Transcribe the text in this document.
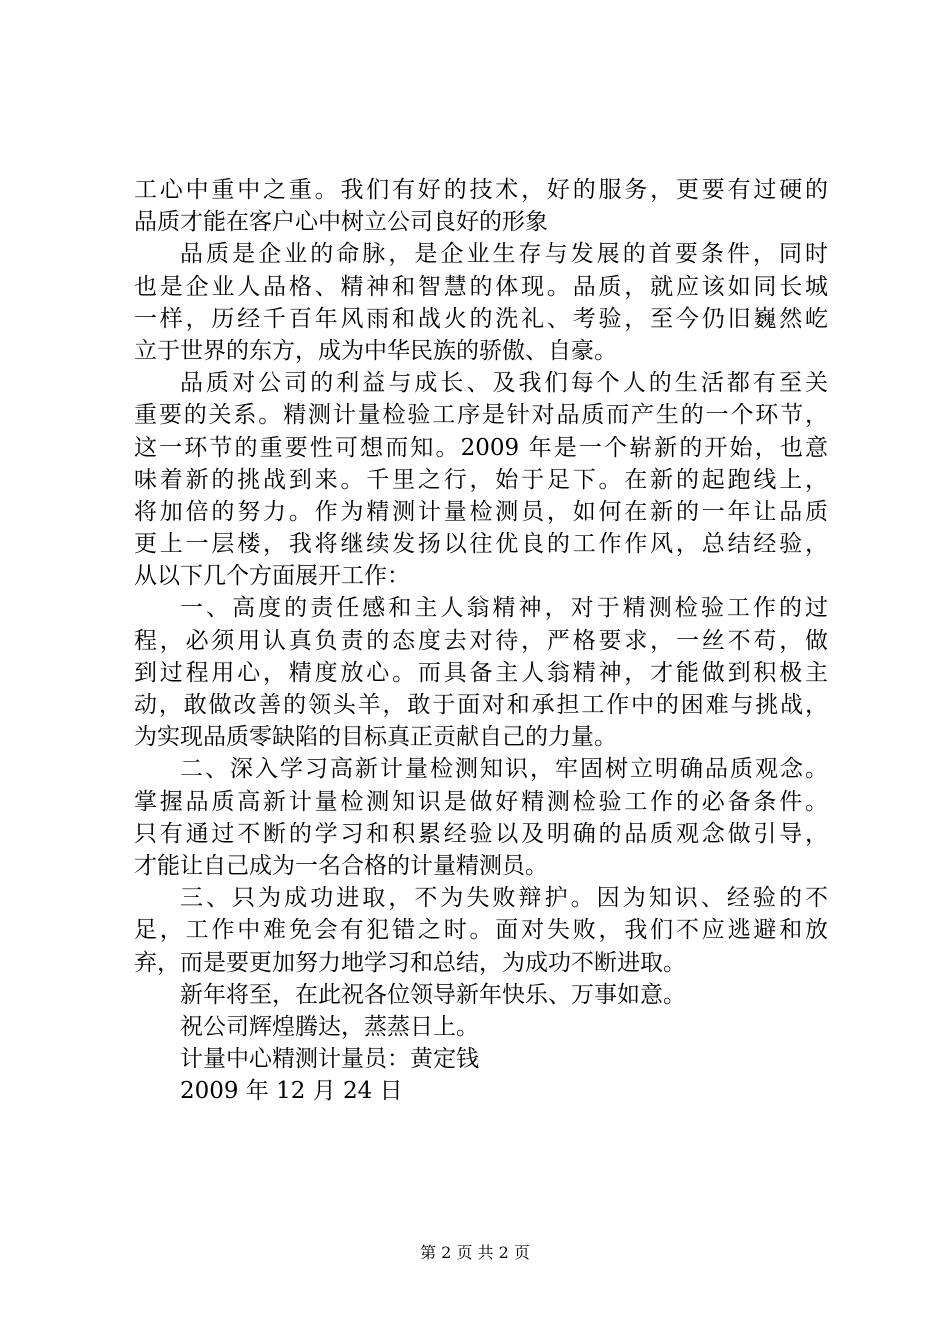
工心中重中之重。我们有好的技术，好的服务，更要有过硬的
品质才能在客户心中树立公司良好的形象
品质是企业的命脉，是企业生存与发展的首要条件，同时
也是企业人品格、精神和智慧的体现。品质，就应该如同长城
一样，历经千百年风雨和战火的洗礼、考验，至今仍旧巍然屹
立于世界的东方，成为中华民族的骄傲、自豪。
品质对公司的利益与成长、及我们每个人的生活都有至关
重要的关系。精测计量检验工序是针对品质而产生的一个环节，
这一环节的重要性可想而知。2009 年是一个崭新的开始，也意
味着新的挑战到来。千里之行，始于足下。在新的起跑线上，
将加倍的努力。作为精测计量检测员，如何在新的一年让品质
更上一层楼，我将继续发扬以往优良的工作作风，总结经验，
从以下几个方面展开工作：
一、高度的责任感和主人翁精神，对于精测检验工作的过
程，必须用认真负责的态度去对待，严格要求，一丝不苟，做
到过程用心，精度放心。而具备主人翁精神，才能做到积极主
动，敢做改善的领头羊，敢于面对和承担工作中的困难与挑战，
为实现品质零缺陷的目标真正贡献自己的力量。
二、深入学习高新计量检测知识，牢固树立明确品质观念。
掌握品质高新计量检测知识是做好精测检验工作的必备条件。
只有通过不断的学习和积累经验以及明确的品质观念做引导，
才能让自己成为一名合格的计量精测员。
三、只为成功进取，不为失败辩护。因为知识、经验的不
足，工作中难免会有犯错之时。面对失败，我们不应逃避和放
弃，而是要更加努力地学习和总结，为成功不断进取。
新年将至，在此祝各位领导新年快乐、万事如意。
祝公司辉煌腾达，蒸蒸日上。
计量中心精测计量员：黄定钱
2009 年 12 月 24 日
第 2 页 共 2 页
